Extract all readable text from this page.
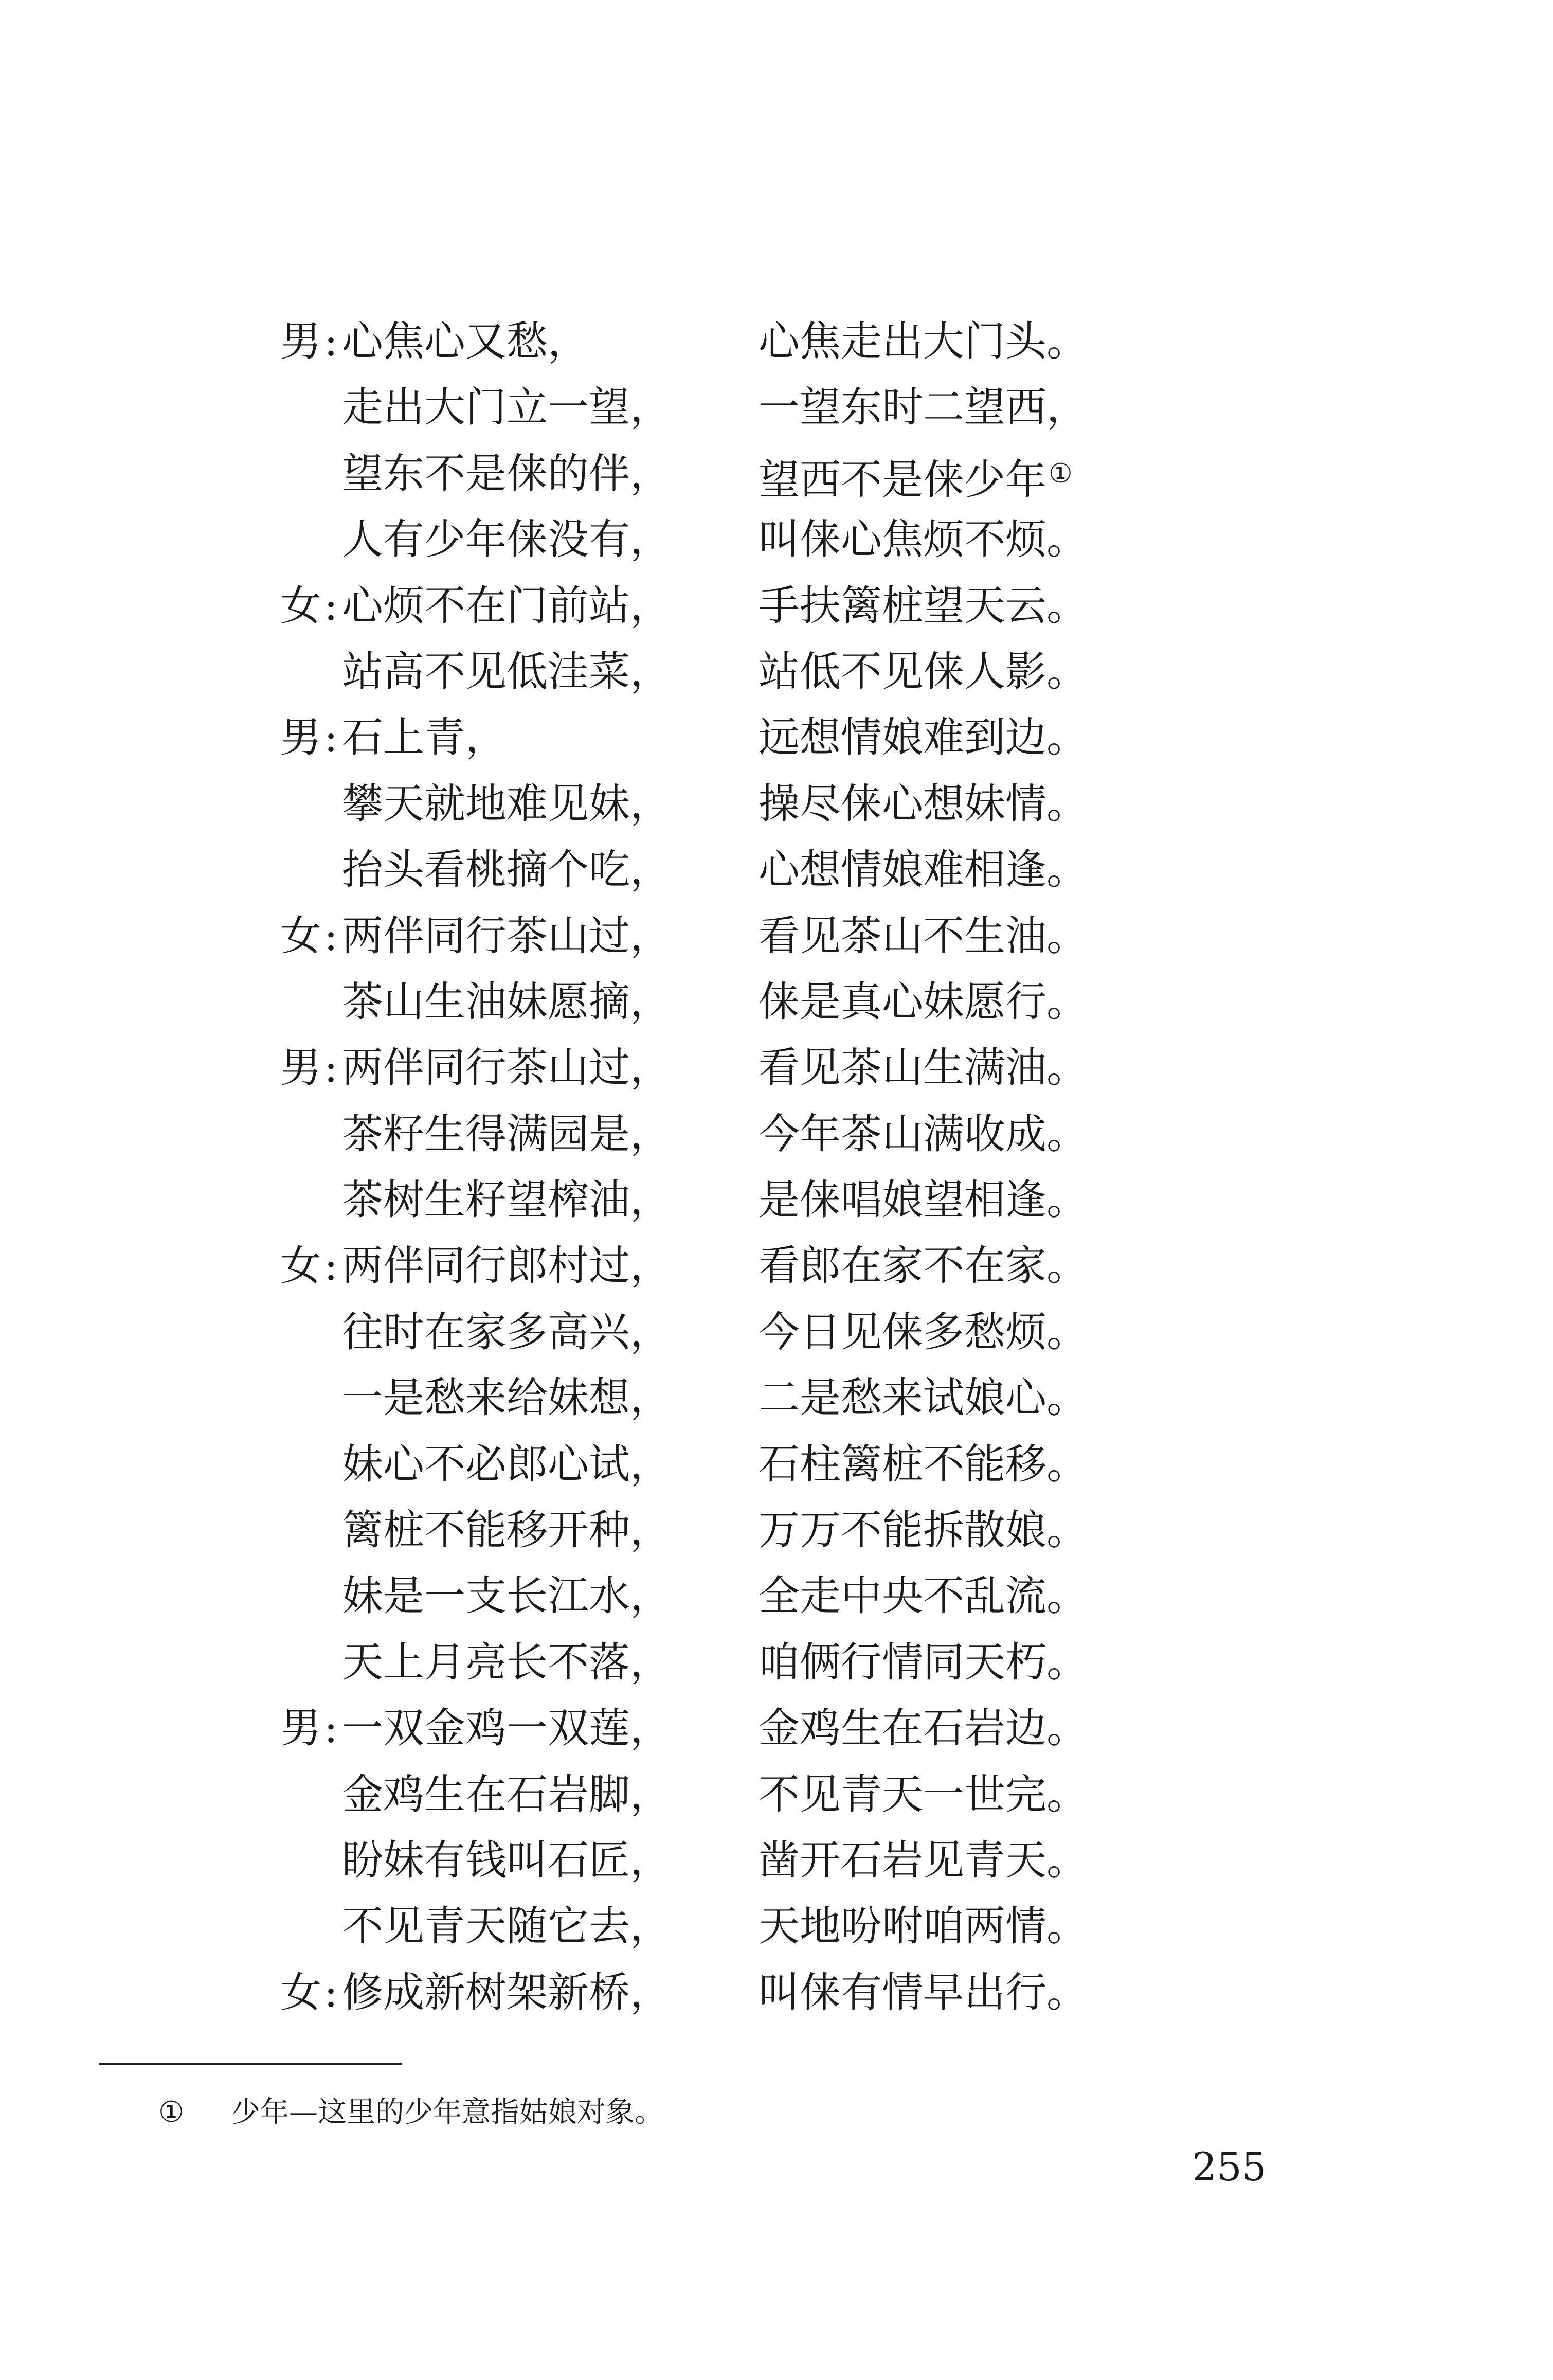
男 : 心焦心又愁，	心焦走出大门头。
走出大门立一望， 一望东时二望西，
望东不是俫的伴， 望西不是俫少年①
人有少年俫没有， 叫俫心焦烦不烦。
女 : 心烦不在门前站， 手扶篱桩望天云。
站高不见低洼菜， 站低不见俫人影。
男 : 石上青，	远想情娘难到边。
攀天就地难见妹， 操尽俫心想妹情。
抬头看桃摘个吃， 心想情娘难相逢。
女 : 两伴同行茶山过， 看见茶山不生油。
茶山生油妹愿摘， 俫是真心妹愿行。
男 : 两伴同行茶山过， 看见茶山生满油。
茶籽生得满园是， 今年茶山满收成。
茶树生籽望榨油， 是俫唱娘望相逢。
女 : 两伴同行郎村过， 看郎在家不在家。
往时在家多高兴， 今日见俫多愁烦。
一是愁来给妹想， 二是愁来试娘心。
妹心不必郎心试， 石柱篱桩不能移。
篱桩不能移开种， 万万不能拆散娘。
妹是一支长江水， 全走中央不乱流。
天上月亮长不落， 咱俩行情同天朽。
男 : 一双金鸡一双莲， 金鸡生在石岩边。
金鸡生在石岩脚， 不见青天一世完。
盼妹有钱叫石匠， 凿开石岩见青天。
不见青天随它去， 天地吩咐咱两情。
女 : 修成新树架新桥， 叫俫有情早出行。
① 少年—这里的少年意指姑娘对象。
255
